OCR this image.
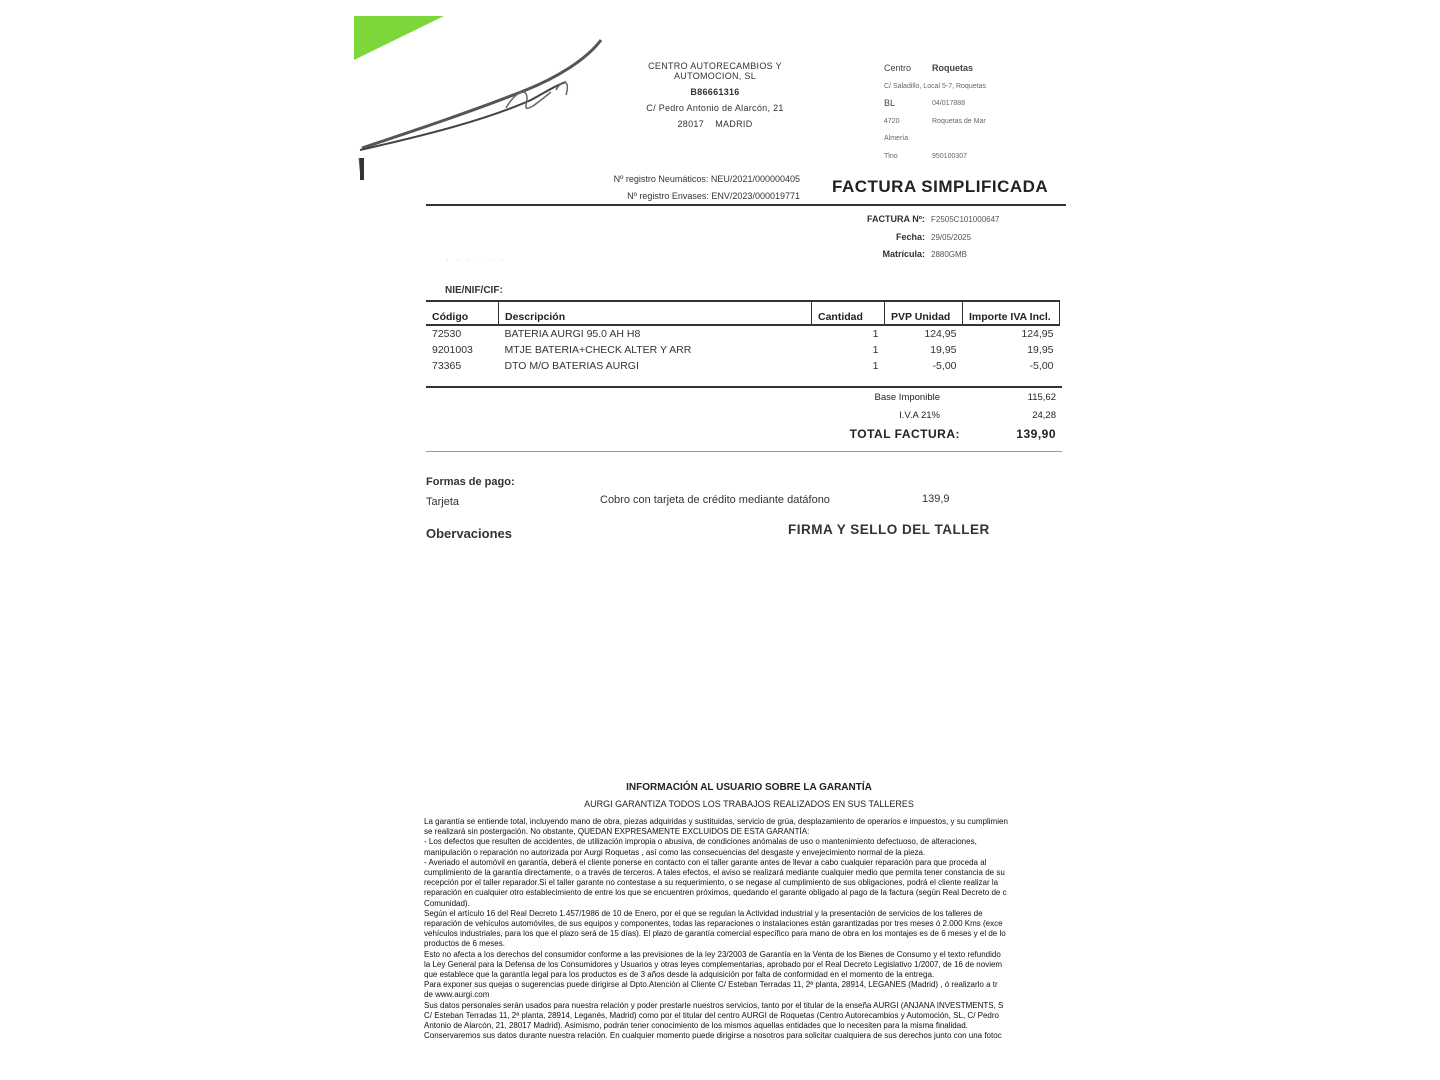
CENTRO AUTORECAMBIOS Y
AUTOMOCION, SL
B86661316
C/ Pedro Antonio de Alarcón, 21
28017 MADRID
Centro	Roquetas
C/ Saladillo, Local 5-7, Roquetas
BL	04/017888
4720	Roquetas de Mar
Almería
Tlno	950100307
Nº registro Neumáticos: NEU/2021/000000405
Nº registro Envases: ENV/2023/000019771 FACTURA SIMPLIFICADA
FACTURA Nº: F2505C101000647
Fecha: 29/05/2025
Matrícula: 2880GMB
· · · · · ·
NIE/NIF/CIF:
Código	Descripción	Cantidad	PVP Unidad	Importe IVA Incl.
72530	BATERIA AURGI 95.0 AH H8	1	124,95	124,95
9201003	MTJE BATERIA+CHECK ALTER Y ARR	1	19,95	19,95
73365	DTO M/O BATERIAS AURGI	1	-5,00	-5,00
Base Imponible	115,62
I.V.A 21%	24,28
TOTAL FACTURA:	139,90
Formas de pago:
Tarjeta	Cobro con tarjeta de crédito mediante datáfono	139,9
Obervaciones	FIRMA Y SELLO DEL TALLER
INFORMACIÓN AL USUARIO SOBRE LA GARANTÍA
AURGI GARANTIZA TODOS LOS TRABAJOS REALIZADOS EN SUS TALLERES

La garantía se entiende total, incluyendo mano de obra, piezas adquiridas y sustituidas, servicio de grúa, desplazamiento de operarios e impuestos, y su cumplimien

se realizará sin postergación. No obstante, QUEDAN EXPRESAMENTE EXCLUIDOS DE ESTA GARANTÍA:

- Los defectos que resulten de accidentes, de utilización impropia o abusiva, de condiciones anómalas de uso o mantenimiento defectuoso, de alteraciones,

manipulación o reparación no autorizada por Aurgi Roquetas , así como las consecuencias del desgaste y envejecimiento normal de la pieza.

- Averiado el automóvil en garantía, deberá el cliente ponerse en contacto con el taller garante antes de llevar a cabo cualquier reparación para que proceda al

cumplimiento de la garantía directamente, o a través de terceros. A tales efectos, el aviso se realizará mediante cualquier medio que permita tener constancia de su

recepción por el taller reparador.Si el taller garante no contestase a su requerimiento, o se negase al cumplimiento de sus obligaciones, podrá el cliente realizar la

reparación en cualquier otro establecimiento de entre los que se encuentren próximos, quedando el garante obligado al pago de la factura (según Real Decreto de c

Comunidad).

Según el artículo 16 del Real Decreto 1.457/1986 de 10 de Enero, por el que se regulan la Actividad industrial y la presentación de servicios de los talleres de

reparación de vehículos automóviles, de sus equipos y componentes, todas las reparaciones o instalaciones están garantizadas por tres meses ó 2.000 Kms (exce

vehículos industriales, para los que el plazo será de 15 días). El plazo de garantía comercial específico para mano de obra en los montajes es de 6 meses y el de lo

productos de 6 meses.

Esto no afecta a los derechos del consumidor conforme a las previsiones de la ley 23/2003 de Garantía en la Venta de los Bienes de Consumo y el texto refundido

la Ley General para la Defensa de los Consumidores y Usuarios y otras leyes complementarias, aprobado por el Real Decreto Legislativo 1/2007, de 16 de noviem

que establece que la garantía legal para los productos es de 3 años desde la adquisición por falta de conformidad en el momento de la entrega.

Para exponer sus quejas o sugerencias puede dirigirse al Dpto.Atención al Cliente C/ Esteban Terradas 11, 2ª planta, 28914, LEGANES (Madrid) , ó realizarlo a tr

de www.aurgi.com

Sus datos personales serán usados para nuestra relación y poder prestarle nuestros servicios, tanto por el titular de la enseña AURGI (ANJANA INVESTMENTS, S

C/ Esteban Terradas 11, 2ª planta, 28914, Leganés, Madrid) como por el titular del centro AURGI de Roquetas (Centro Autorecambios y Automoción, SL, C/ Pedro

Antonio de Alarcón, 21, 28017 Madrid). Asimismo, podrán tener conocimiento de los mismos aquellas entidades que lo necesiten para la misma finalidad.

Conservaremos sus datos durante nuestra relación. En cualquier momento puede dirigirse a nosotros para solicitar cualquiera de sus derechos junto con una fotoc
